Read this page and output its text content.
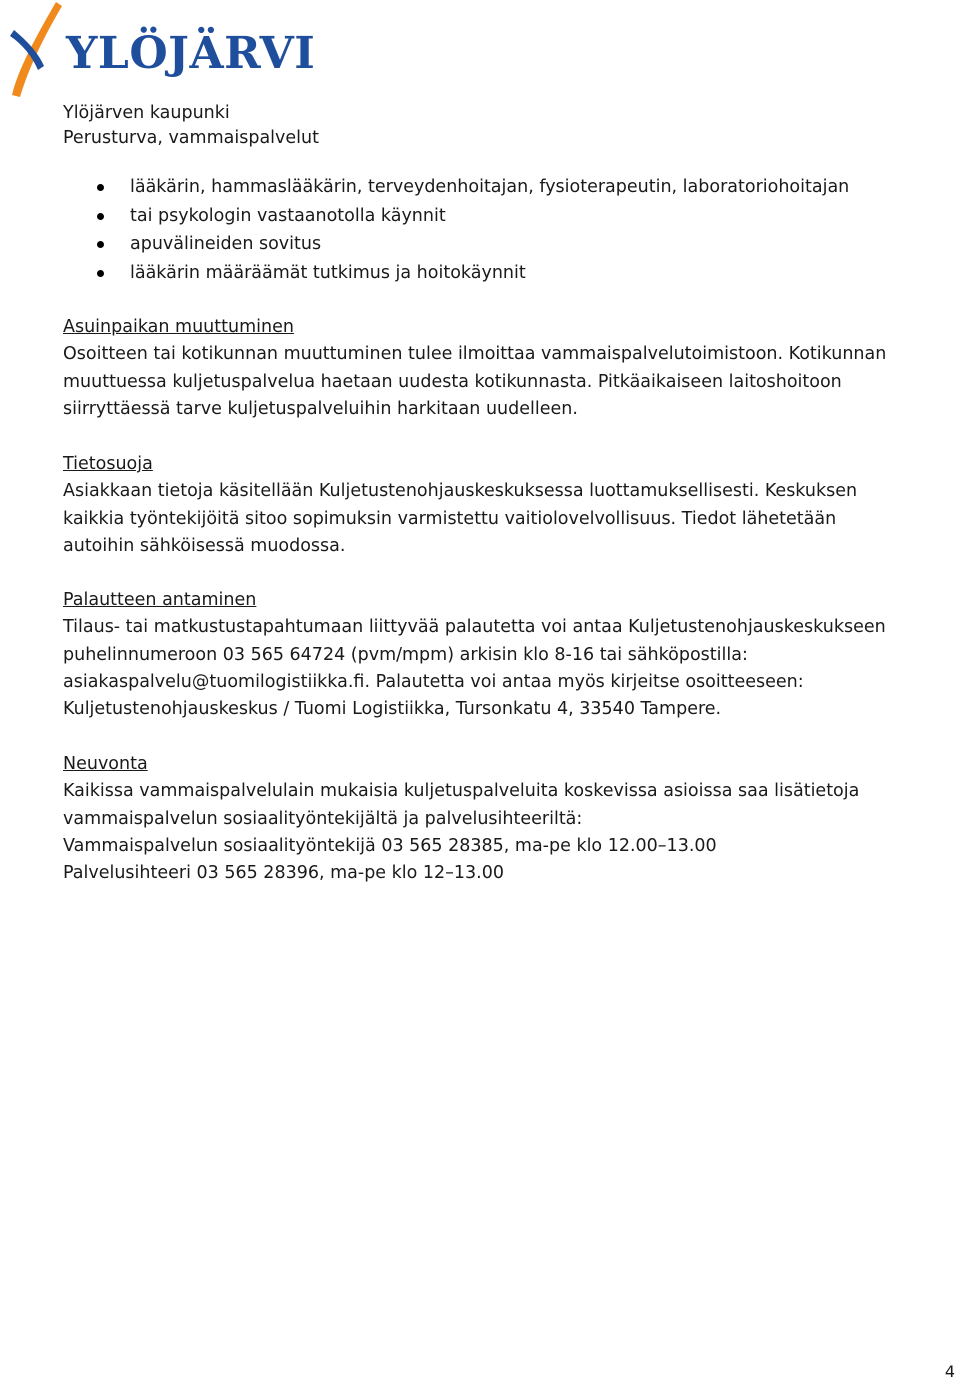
YLÖJÄRVI
Ylöjärven kaupunki
Perusturva, vammaispalvelut
lääkärin, hammaslääkärin, terveydenhoitajan, fysioterapeutin, laboratoriohoitajan
tai psykologin vastaanotolla käynnit
apuvälineiden sovitus
lääkärin määräämät tutkimus ja hoitokäynnit
Asuinpaikan muuttuminen

Osoitteen tai kotikunnan muuttuminen tulee ilmoittaa vammaispalvelutoimistoon. Kotikunnan

muuttuessa kuljetuspalvelua haetaan uudesta kotikunnasta. Pitkäaikaiseen laitoshoitoon

siirryttäessä tarve kuljetuspalveluihin harkitaan uudelleen.

Tietosuoja

Asiakkaan tietoja käsitellään Kuljetustenohjauskeskuksessa luottamuksellisesti. Keskuksen

kaikkia työntekijöitä sitoo sopimuksin varmistettu vaitiolovelvollisuus. Tiedot lähetetään

autoihin sähköisessä muodossa.

Palautteen antaminen

Tilaus- tai matkustustapahtumaan liittyvää palautetta voi antaa Kuljetustenohjauskeskukseen

puhelinnumeroon 03 565 64724 (pvm/mpm) arkisin klo 8-16 tai sähköpostilla:

asiakaspalvelu@tuomilogistiikka.fi. Palautetta voi antaa myös kirjeitse osoitteeseen:

Kuljetustenohjauskeskus / Tuomi Logistiikka, Tursonkatu 4, 33540 Tampere.

Neuvonta

Kaikissa vammaispalvelulain mukaisia kuljetuspalveluita koskevissa asioissa saa lisätietoja

vammaispalvelun sosiaalityöntekijältä ja palvelusihteeriltä:

Vammaispalvelun sosiaalityöntekijä 03 565 28385, ma-pe klo 12.00–13.00

Palvelusihteeri 03 565 28396, ma-pe klo 12–13.00

4
